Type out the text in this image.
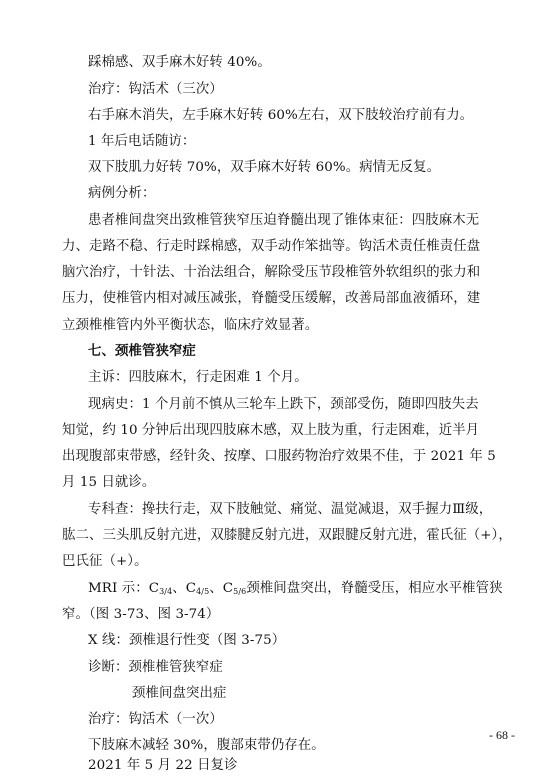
踩棉感、双手麻木好转 40%。
治疗：钩活术（三次）
右手麻木消失，左手麻木好转 60%左右，双下肢较治疗前有力。
1 年后电话随访：
双下肢肌力好转 70%，双手麻木好转 60%。病情无反复。
病例分析：
患者椎间盘突出致椎管狭窄压迫脊髓出现了锥体束征：四肢麻木无
力、走路不稳、行走时踩棉感，双手动作笨拙等。钩活术责任椎责任盘
脑穴治疗，十针法、十治法组合，解除受压节段椎管外软组织的张力和
压力，使椎管内相对减压减张，脊髓受压缓解，改善局部血液循环，建
立颈椎椎管内外平衡状态，临床疗效显著。
七、颈椎管狭窄症
主诉：四肢麻木，行走困难 1 个月。
现病史：1 个月前不慎从三轮车上跌下，颈部受伤，随即四肢失去
知觉，约 10 分钟后出现四肢麻木感，双上肢为重，行走困难，近半月
出现腹部束带感，经针灸、按摩、口服药物治疗效果不佳，于 2021 年 5
月 15 日就诊。
专科查：搀扶行走，双下肢触觉、痛觉、温觉减退，双手握力Ⅲ级，
肱二、三头肌反射亢进，双膝腱反射亢进，双跟腱反射亢进，霍氏征（+），
巴氏征（+）。
MRI 示：$C_{3/4}$、$C_{4/5}$、$C_{5/6}$颈椎间盘突出，脊髓受压，相应水平椎管狭
窄。（图 3-73、图 3-74）
X 线：颈椎退行性变（图 3-75）
诊断：颈椎椎管狭窄症
颈椎间盘突出症
治疗：钩活术（一次）
下肢麻木减轻 30%，腹部束带仍存在。
2021 年 5 月 22 日复诊
- 68 -
